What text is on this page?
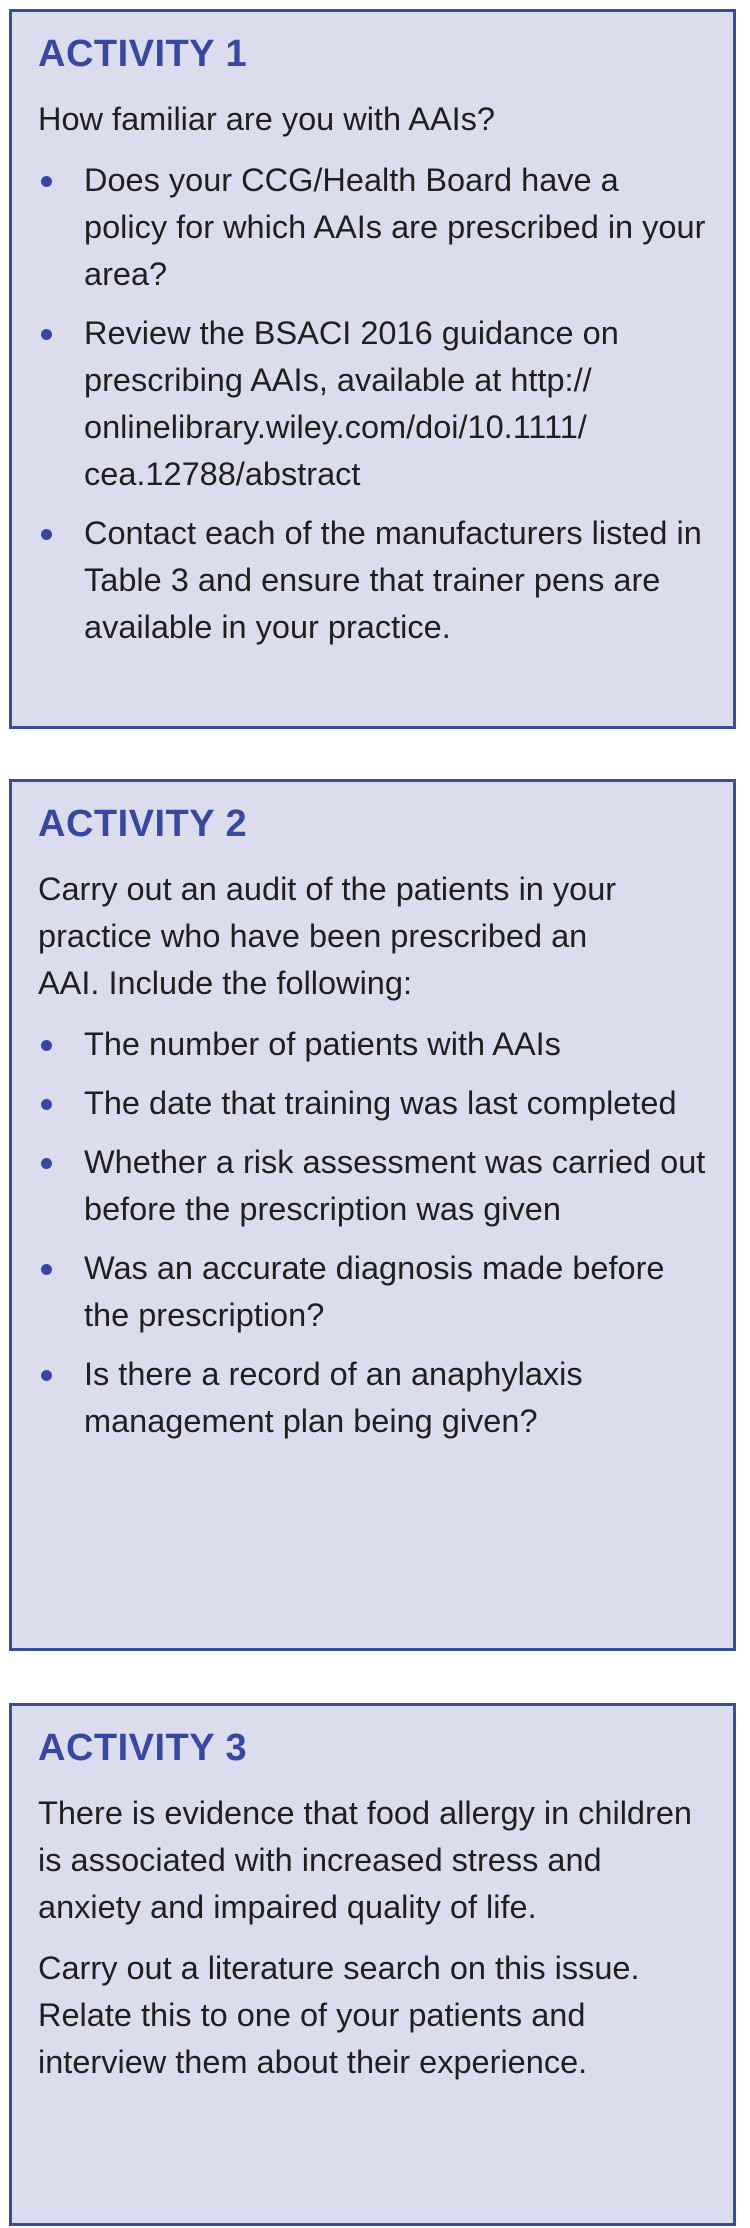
ACTIVITY 1

How familiar are you with AAIs?

Does your CCG/Health Board have a policy for which AAIs are prescribed in your area?
Review the BSACI 2016 guidance on prescribing AAIs, available at http:// onlinelibrary.wiley.com/doi/10.1111/ cea.12788/abstract
Contact each of the manufacturers listed in Table 3 and ensure that trainer pens are available in your practice.
ACTIVITY 2

Carry out an audit of the patients in your practice who have been prescribed an AAI. Include the following:

The number of patients with AAIs
The date that training was last completed
Whether a risk assessment was carried out before the prescription was given
Was an accurate diagnosis made before the prescription?
Is there a record of an anaphylaxis management plan being given?
ACTIVITY 3

There is evidence that food allergy in children is associated with increased stress and anxiety and impaired quality of life.

Carry out a literature search on this issue. Relate this to one of your patients and interview them about their experience.
